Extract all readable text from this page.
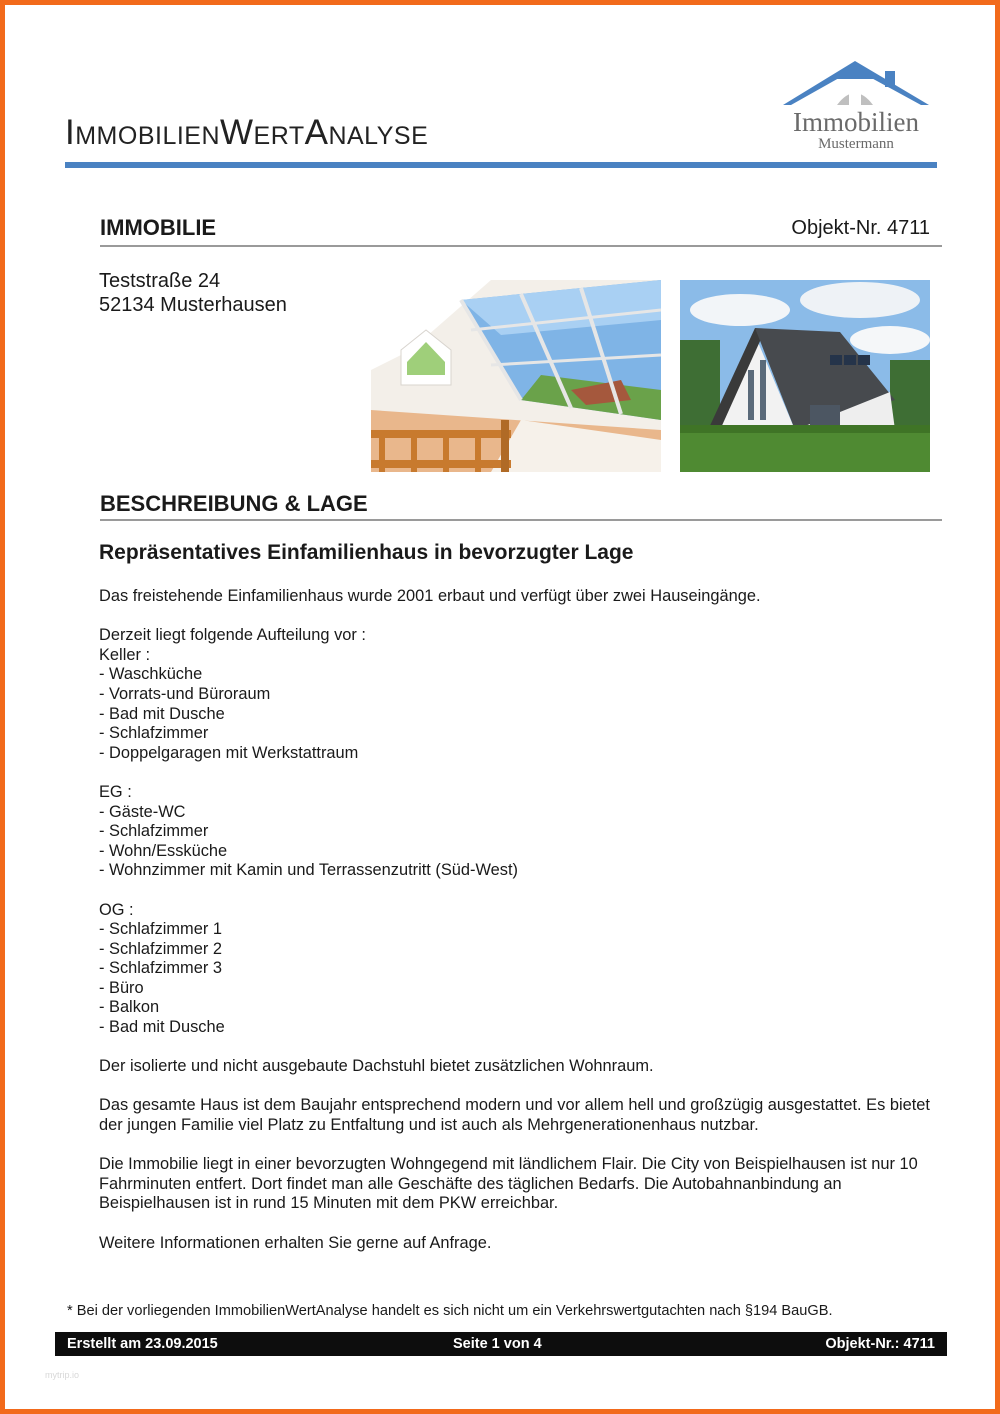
ImmobilienWertAnalyse	Immobilien
Mustermann
IMMOBILIE	Objekt-Nr. 4711
Teststraße 24
52134 Musterhausen
BESCHREIBUNG & LAGE
Repräsentatives Einfamilienhaus in bevorzugter Lage

Das freistehende Einfamilienhaus wurde 2001 erbaut und verfügt über zwei Hauseingänge.

Derzeit liegt folgende Aufteilung vor :
Keller :
- Waschküche
- Vorrats-und Büroraum
- Bad mit Dusche
- Schlafzimmer
- Doppelgaragen mit Werkstattraum
EG :
- Gäste-WC
- Schlafzimmer
- Wohn/Essküche
- Wohnzimmer mit Kamin und Terrassenzutritt (Süd-West)
OG :
- Schlafzimmer 1
- Schlafzimmer 2
- Schlafzimmer 3
- Büro
- Balkon
- Bad mit Dusche

Der isolierte und nicht ausgebaute Dachstuhl bietet zusätzlichen Wohnraum.

Das gesamte Haus ist dem Baujahr entsprechend modern und vor allem hell und großzügig ausgestattet. Es bietet der jungen Familie viel Platz zu Entfaltung und ist auch als Mehrgenerationenhaus nutzbar.

Die Immobilie liegt in einer bevorzugten Wohngegend mit ländlichem Flair. Die City von Beispielhausen ist nur 10 Fahrminuten entfert. Dort findet man alle Geschäfte des täglichen Bedarfs. Die Autobahnanbindung an Beispielhausen ist in rund 15 Minuten mit dem PKW erreichbar.

Weitere Informationen erhalten Sie gerne auf Anfrage.

* Bei der vorliegenden ImmobilienWertAnalyse handelt es sich nicht um ein Verkehrswertgutachten nach §194 BauGB.
Erstellt am 23.09.2015	Seite 1 von 4	Objekt-Nr.: 4711
mytrip.io
